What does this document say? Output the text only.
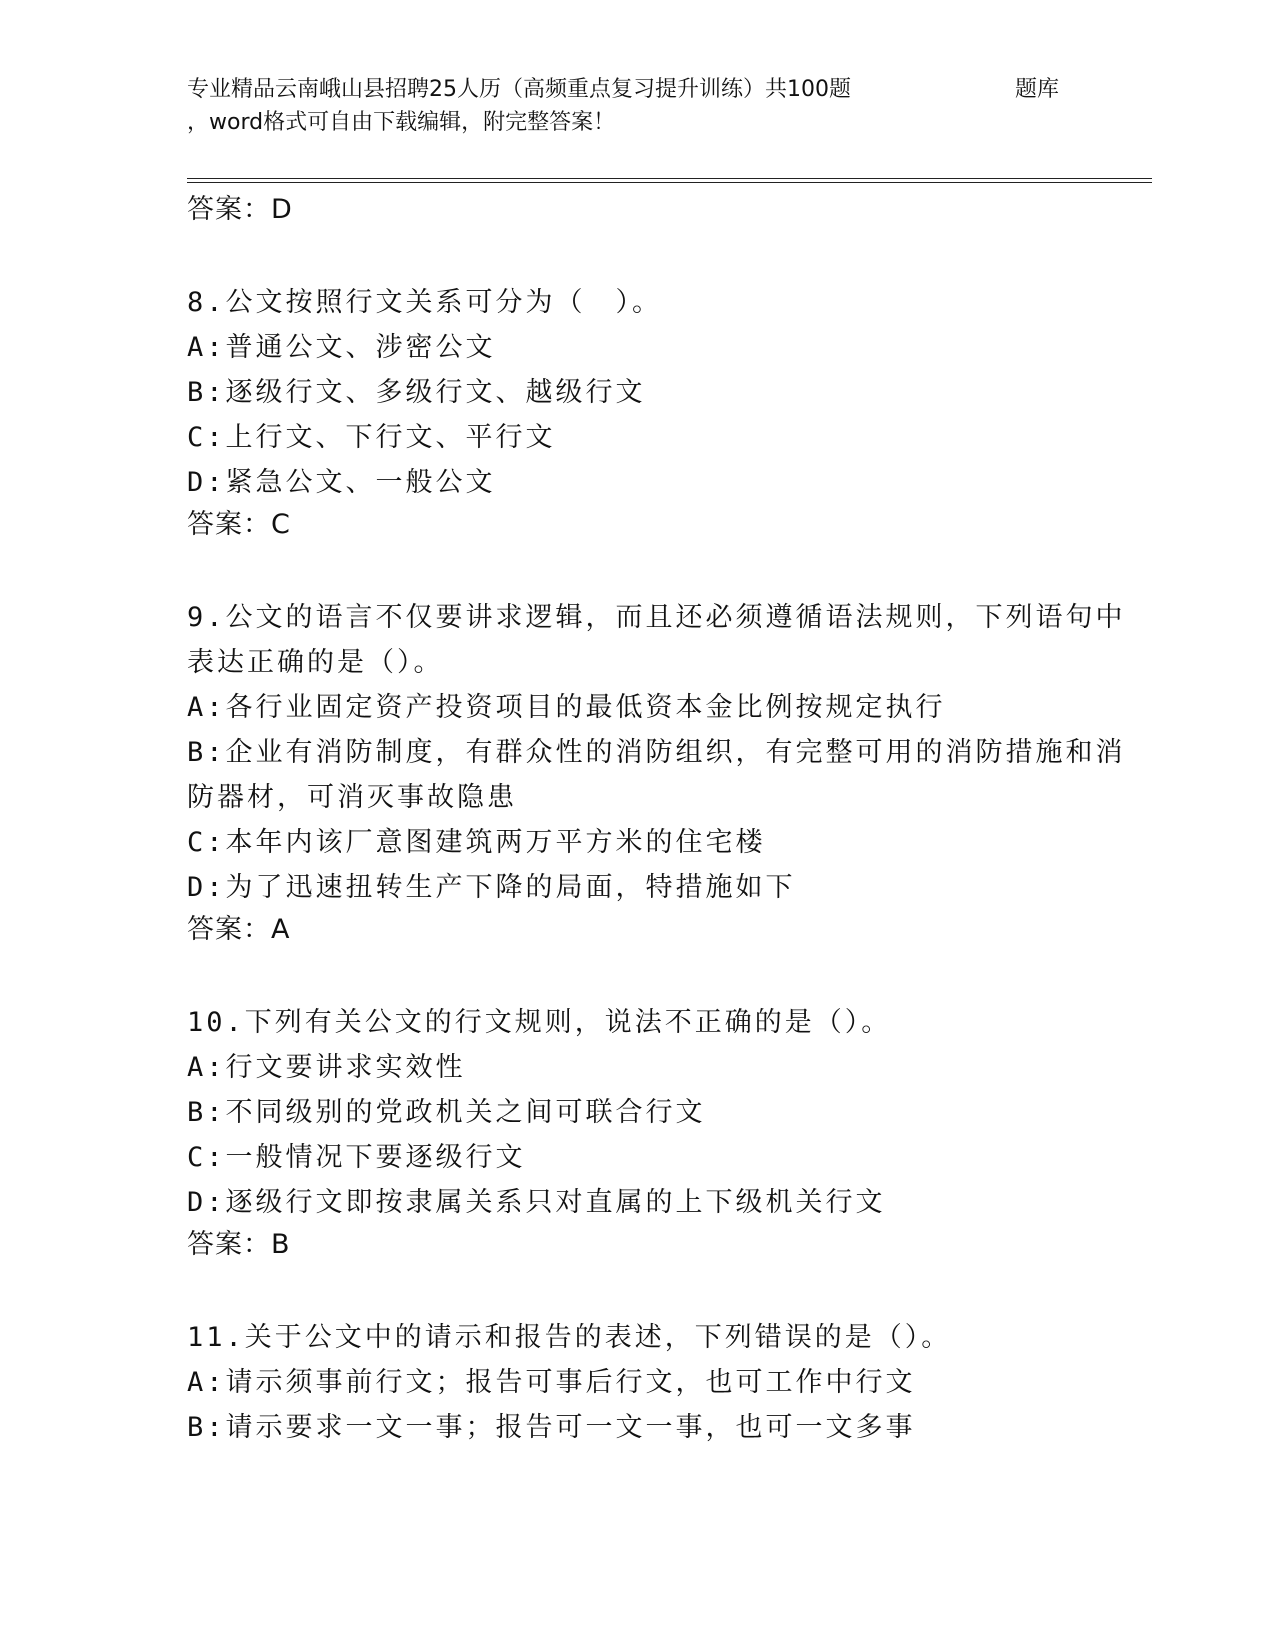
专业精品云南峨山县招聘25人历（高频重点复习提升训练）共100题	题库
，word格式可自由下载编辑，附完整答案！
答案：D
8.公文按照行文关系可分为（　）。
A:普通公文、涉密公文
B:逐级行文、多级行文、越级行文
C:上行文、下行文、平行文
D:紧急公文、一般公文
答案：C
9.公文的语言不仅要讲求逻辑，而且还必须遵循语法规则，下列语句中表达正确的是（）。
A:各行业固定资产投资项目的最低资本金比例按规定执行
B:企业有消防制度，有群众性的消防组织，有完整可用的消防措施和消防器材，可消灭事故隐患
C:本年内该厂意图建筑两万平方米的住宅楼
D:为了迅速扭转生产下降的局面，特措施如下
答案：A
10.下列有关公文的行文规则，说法不正确的是（）。
A:行文要讲求实效性
B:不同级别的党政机关之间可联合行文
C:一般情况下要逐级行文
D:逐级行文即按隶属关系只对直属的上下级机关行文
答案：B
11.关于公文中的请示和报告的表述，下列错误的是（）。
A:请示须事前行文；报告可事后行文，也可工作中行文
B:请示要求一文一事；报告可一文一事，也可一文多事
